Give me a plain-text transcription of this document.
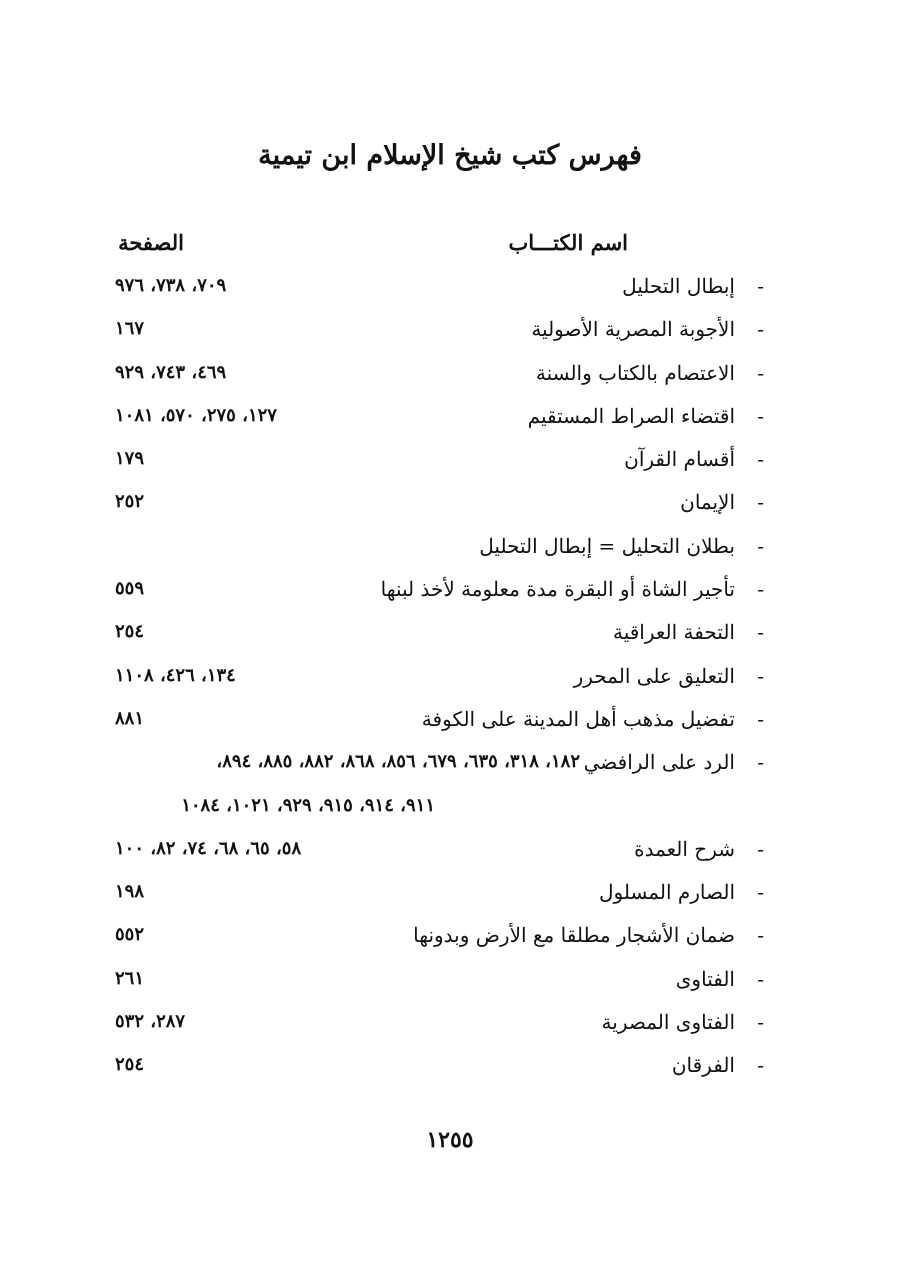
فهرس كتب شيخ الإسلام ابن تيمية
اسم الكتـــاب
الصفحة
-
إبطال التحليل
٧٠٩، ٧٣٨، ٩٧٦
-
الأجوبة المصرية الأصولية
١٦٧
-
الاعتصام بالكتاب والسنة
٤٦٩، ٧٤٣، ٩٢٩
-
اقتضاء الصراط المستقيم
١٢٧، ٢٧٥، ٥٧٠، ١٠٨١
-
أقسام القرآن
١٧٩
-
الإيمان
٢٥٢
-
بطلان التحليل = إبطال التحليل
-
تأجير الشاة أو البقرة مدة معلومة لأخذ لبنها
٥٥٩
-
التحفة العراقية
٢٥٤
-
التعليق على المحرر
١٣٤، ٤٢٦، ١١٠٨
-
تفضيل مذهب أهل المدينة على الكوفة
٨٨١
-
الرد على الرافضي
١٨٢، ٣١٨، ٦٣٥، ٦٧٩، ٨٥٦، ٨٦٨، ٨٨٢، ٨٨٥، ٨٩٤،
٩١١، ٩١٤، ٩١٥، ٩٢٩، ١٠٢١، ١٠٨٤
-
شرح العمدة
٥٨، ٦٥، ٦٨، ٧٤، ٨٢، ١٠٠
-
الصارم المسلول
١٩٨
-
ضمان الأشجار مطلقا مع الأرض وبدونها
٥٥٢
-
الفتاوى
٢٦١
-
الفتاوى المصرية
٢٨٧، ٥٣٢
-
الفرقان
٢٥٤
١٢٥٥
